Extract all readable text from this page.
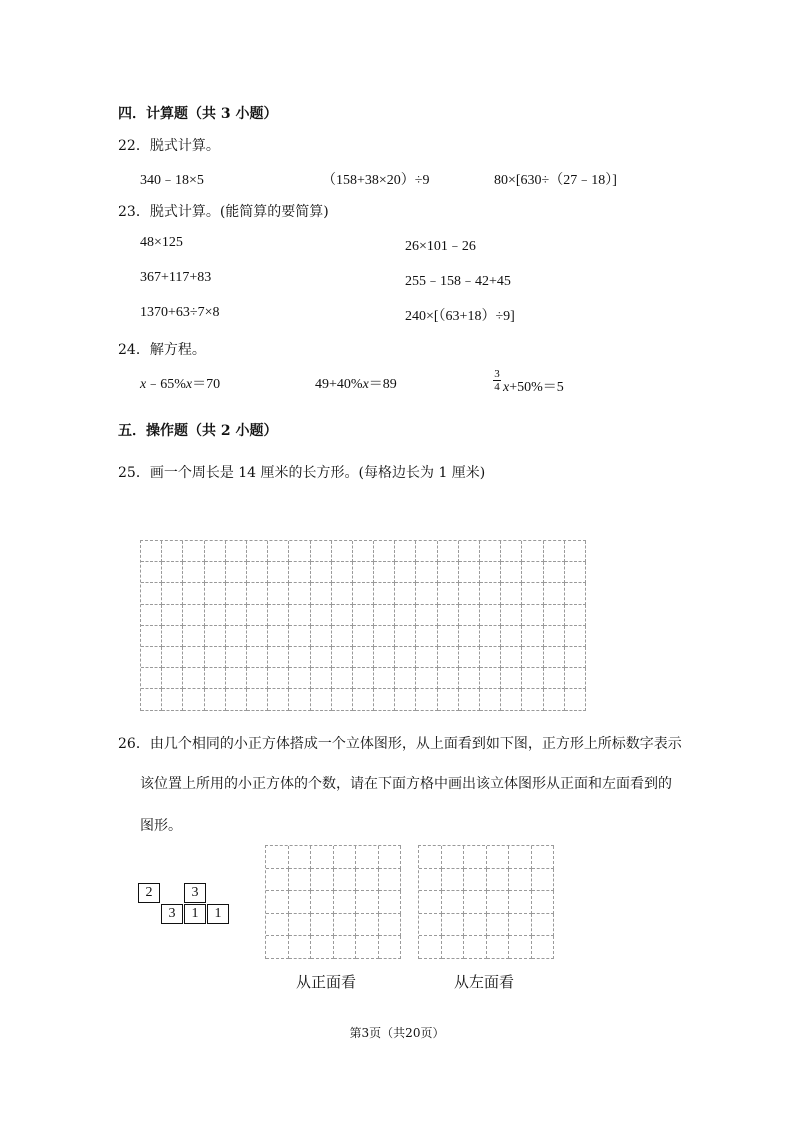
四．计算题（共 3 小题）
22．脱式计算。
340﹣18×5	（158+38×20）÷9	80×[630÷（27﹣18）]
23．脱式计算。(能简算的要简算)
48×125	26×101﹣26
367+117+83	255﹣158﹣42+45
1370+63÷7×8	240×[（63+18）÷9]
24．解方程。
x﹣65%x＝70	49+40%x＝89
3
4 x+50%＝5
五．操作题（共 2 小题）
25．画一个周长是 14 厘米的长方形。(每格边长为 1 厘米)
26．由几个相同的小正方体搭成一个立体图形，从上面看到如下图，正方形上所标数字表示
该位置上所用的小正方体的个数，请在下面方格中画出该立体图形从正面和左面看到的
图形。
2	3
3	1	1
从正面看	从左面看
第3页（共20页）
